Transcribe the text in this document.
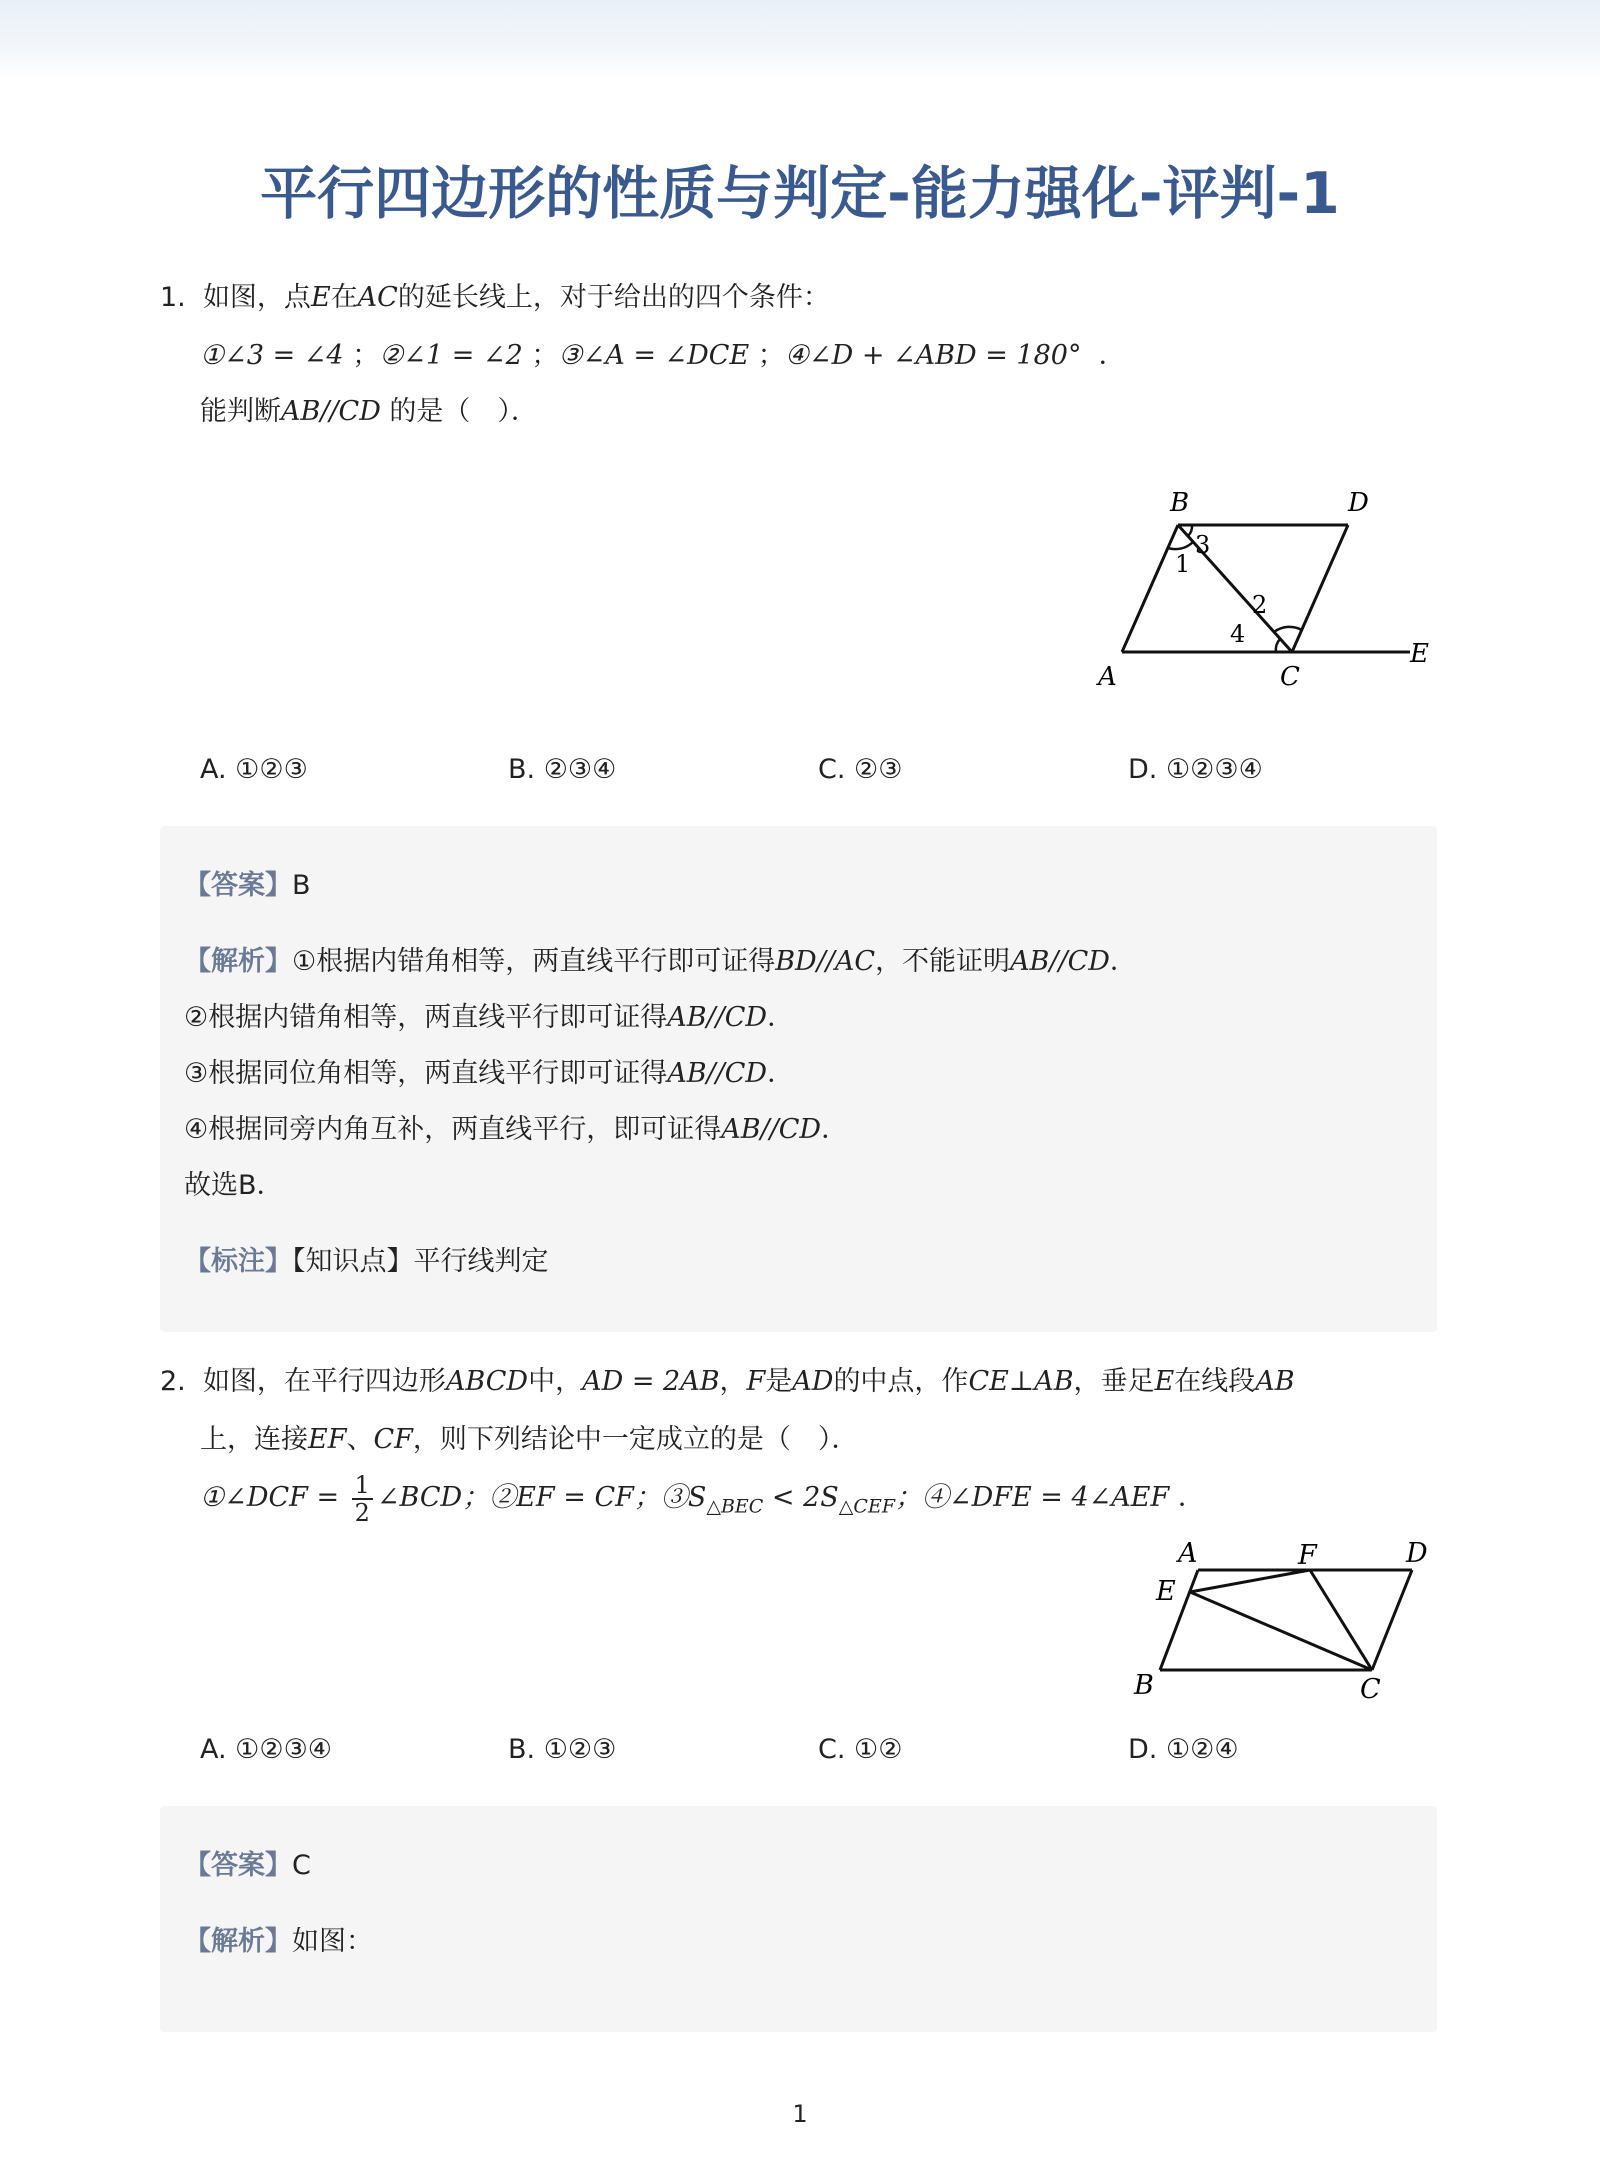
平行四边形的性质与判定-能力强化-评判-1
1. 如图，点E在AC的延长线上，对于给出的四个条件：
①∠3 = ∠4 ；②∠1 = ∠2 ；③∠A = ∠DCE ；④∠D + ∠ABD = 180° ．
能判断AB//CD 的是（　）．
B	D
A	C
E
1
2
3
4
A. ①②③	B. ②③④	C. ②③	D. ①②③④
【答案】B
【解析】①根据内错角相等，两直线平行即可证得BD//AC，不能证明AB//CD．
②根据内错角相等，两直线平行即可证得AB//CD．
③根据同位角相等，两直线平行即可证得AB//CD．
④根据同旁内角互补，两直线平行，即可证得AB//CD．
故选B．
【标注】【知识点】平行线判定
2. 如图，在平行四边形ABCD中，AD = 2AB，F是AD的中点，作CE⊥AB，垂足E在线段AB
上，连接EF、CF，则下列结论中一定成立的是（　）．
①∠DCF = $\frac{1}{2}$ ∠BCD；②EF = CF；$③S_{\triangle BEC} < 2S_{\triangle CEF}$；④∠DFE = 4∠AEF ．
A	F	D
E
B	C
A. ①②③④	B. ①②③	C. ①②	D. ①②④
【答案】C
【解析】如图：
1
